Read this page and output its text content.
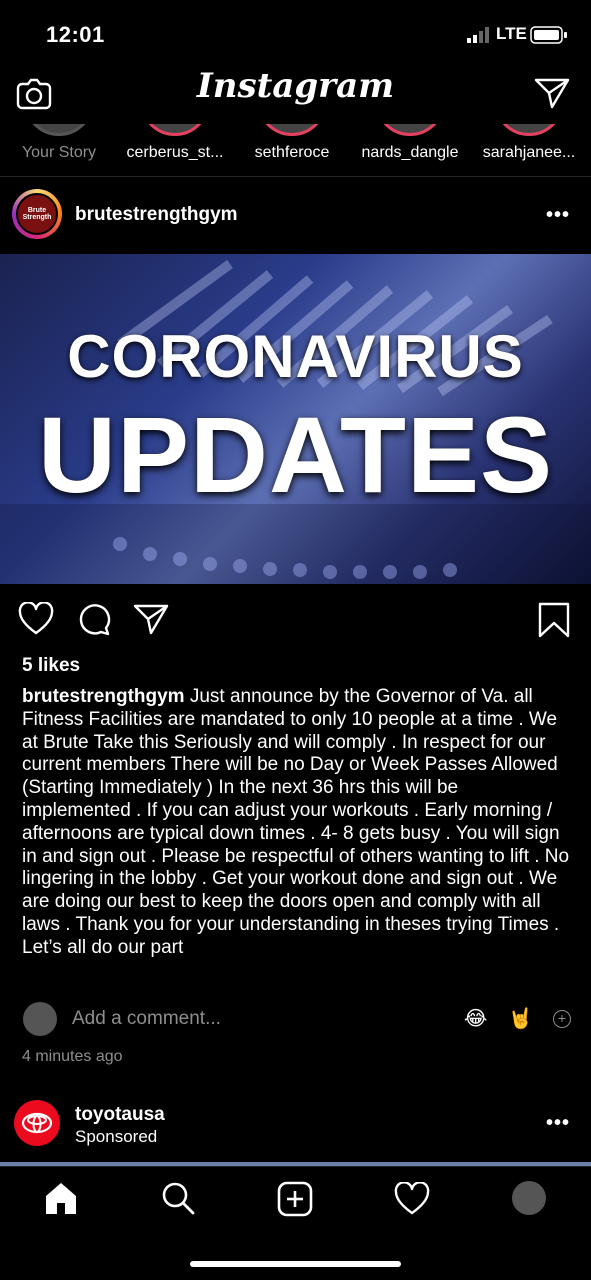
12:01	LTE
Instagram
Your Story	cerberus_st...	sethferoce	nards_dangle	sarahjanee...
Brute Strength brutestrengthgym	•••
CORONAVIRUS
UPDATES
5 likes
brutestrengthgym Just announce by the Governor of Va. all Fitness Facilities are mandated to only 10 people at a time . We at Brute Take this Seriously and will comply . In respect for our current members There will be no Day or Week Passes Allowed (Starting Immediately ) In the next 36 hrs this will be implemented . If you can adjust your workouts . Early morning / afternoons are typical down times . 4- 8 gets busy . You will sign in and sign out . Please be respectful of others wanting to lift . No lingering in the lobby . Get your workout done and sign out . We are doing our best to keep the doors open and comply with all laws . Thank you for your understanding in theses trying Times . Let’s all do our part
Add a comment...	😂 🤘	+
4 minutes ago
toyotausa
Sponsored
•••
